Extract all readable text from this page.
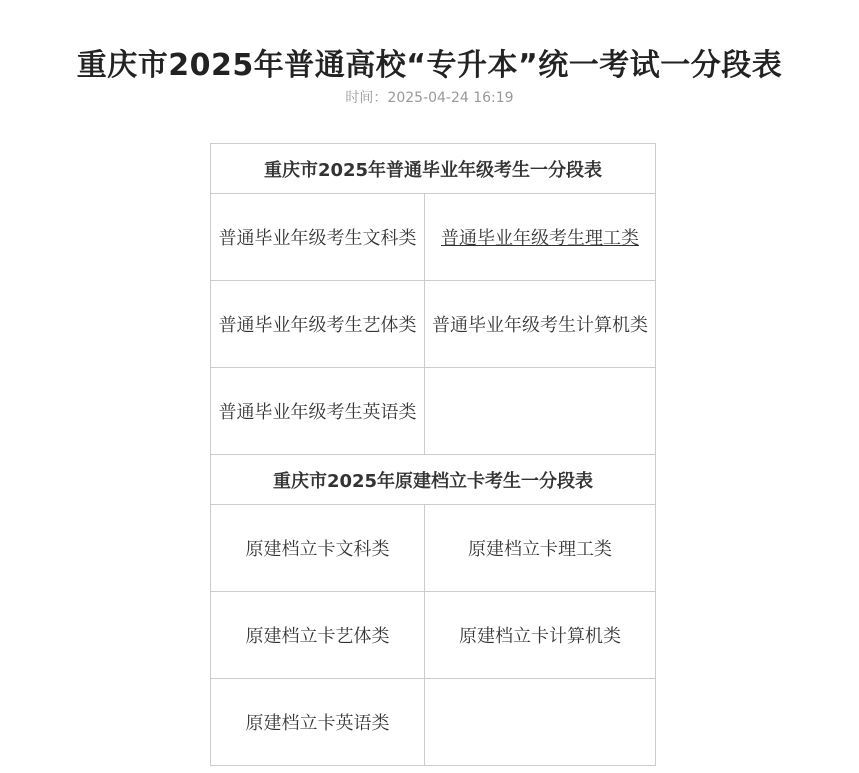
重庆市2025年普通高校“专升本”统一考试一分段表
时间：2025-04-24 16:19
重庆市2025年普通毕业年级考生一分段表	
普通毕业年级考生文科类	普通毕业年级考生理工类
普通毕业年级考生艺体类	普通毕业年级考生计算机类
普通毕业年级考生英语类	
重庆市2025年原建档立卡考生一分段表	
原建档立卡文科类	原建档立卡理工类
原建档立卡艺体类	原建档立卡计算机类
原建档立卡英语类	
